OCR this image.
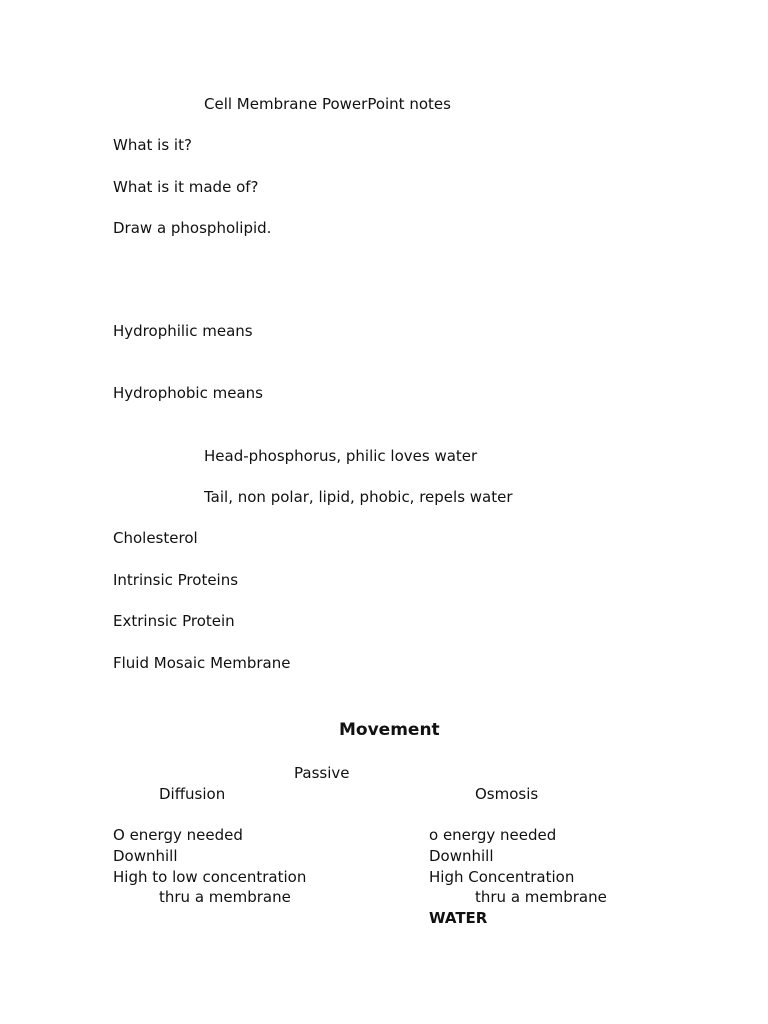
Cell Membrane PowerPoint notes
What is it?
What is it made of?
Draw a phospholipid.
Hydrophilic means
Hydrophobic means
Head-phosphorus, philic loves water
Tail, non polar, lipid, phobic, repels water
Cholesterol
Intrinsic Proteins
Extrinsic Protein
Fluid Mosaic Membrane
Movement
Passive
Diffusion	Osmosis
O energy needed
Downhill
High to low concentration
thru a membrane
o energy needed
Downhill
High Concentration
thru a membrane
WATER
